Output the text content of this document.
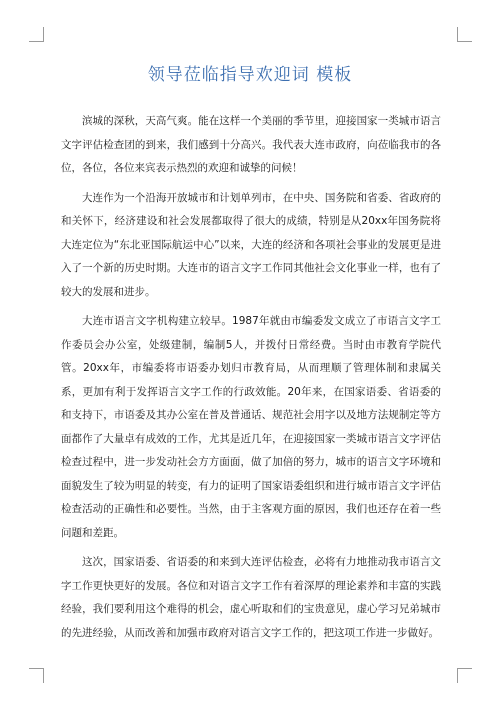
领导莅临指导欢迎词 模板

滨城的深秋，天高气爽。能在这样一个美丽的季节里，迎接国家一类城市语言文字评估检查团的到来，我们感到十分高兴。我代表大连市政府，向莅临我市的各位，各位，各位来宾表示热烈的欢迎和诚挚的问候！

大连作为一个沿海开放城市和计划单列市，在中央、国务院和省委、省政府的和关怀下，经济建设和社会发展都取得了很大的成绩，特别是从20xx年国务院将大连定位为“东北亚国际航运中心”以来，大连的经济和各项社会事业的发展更是进入了一个新的历史时期。大连市的语言文字工作同其他社会文化事业一样，也有了较大的发展和进步。

大连市语言文字机构建立较早。1987年就由市编委发文成立了市语言文字工作委员会办公室，处级建制，编制5人，并拨付日常经费。当时由市教育学院代管。20xx年，市编委将市语委办划归市教育局，从而理顺了管理体制和隶属关系，更加有利于发挥语言文字工作的行政效能。20年来，在国家语委、省语委的和支持下，市语委及其办公室在普及普通话、规范社会用字以及地方法规制定等方面都作了大量卓有成效的工作，尤其是近几年，在迎接国家一类城市语言文字评估检查过程中，进一步发动社会方方面面，做了加倍的努力，城市的语言文字环境和面貌发生了较为明显的转变，有力的证明了国家语委组织和进行城市语言文字评估检查活动的正确性和必要性。当然，由于主客观方面的原因，我们也还存在着一些问题和差距。

这次，国家语委、省语委的和来到大连评估检查，必将有力地推动我市语言文字工作更快更好的发展。各位和对语言文字工作有着深厚的理论素养和丰富的实践经验，我们要利用这个难得的机会，虚心听取和们的宝贵意见，虚心学习兄弟城市的先进经验，从而改善和加强市政府对语言文字工作的，把这项工作进一步做好。
